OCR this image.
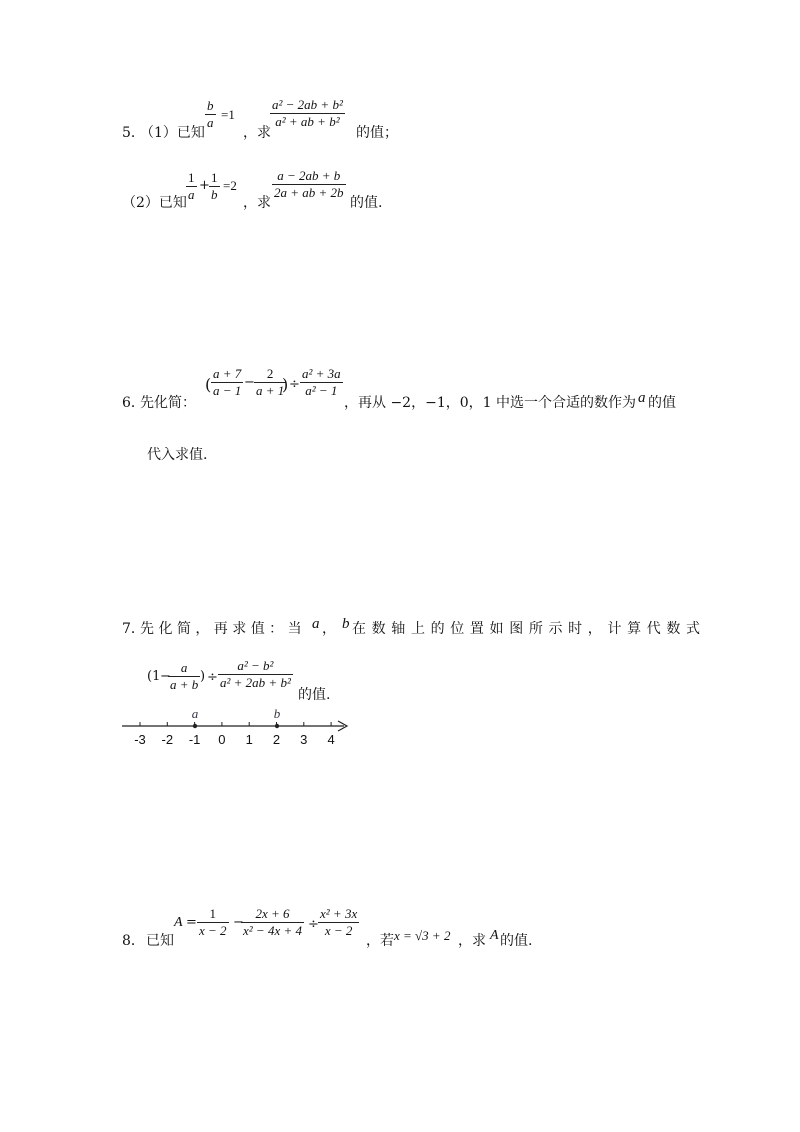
5．
（1）已知
b
a
=1
，求
a² − 2ab + b²
a² + ab + b²
的值；
（2）已知
1
a
+
1
b
=2
，求
a − 2ab + b
2a + ab + 2b
的值.
6．
先化简：
(
a + 7
a − 1
−
2
a + 1
) ÷
a² + 3a
a² − 1
，再从 −2，−1，0，1 中选一个合适的数作为 a 的值
代入求值.
7．
先 化 简 ， 再 求 值 ： 当 a ， b 在 数 轴 上 的 位 置 如 图 所 示 时 ， 计 算 代 数 式
(1 −
a
a + b
) ÷
a² − b²
a² + 2ab + b²
的值.
-3 -2 -1 0 1 2 3 4
a	b
8． 已知
A =
1
x − 2
−
2x + 6
x² − 4x + 4 ÷
x² + 3x
x − 2
，若 x = √3 + 2 ，求 A 的值.
